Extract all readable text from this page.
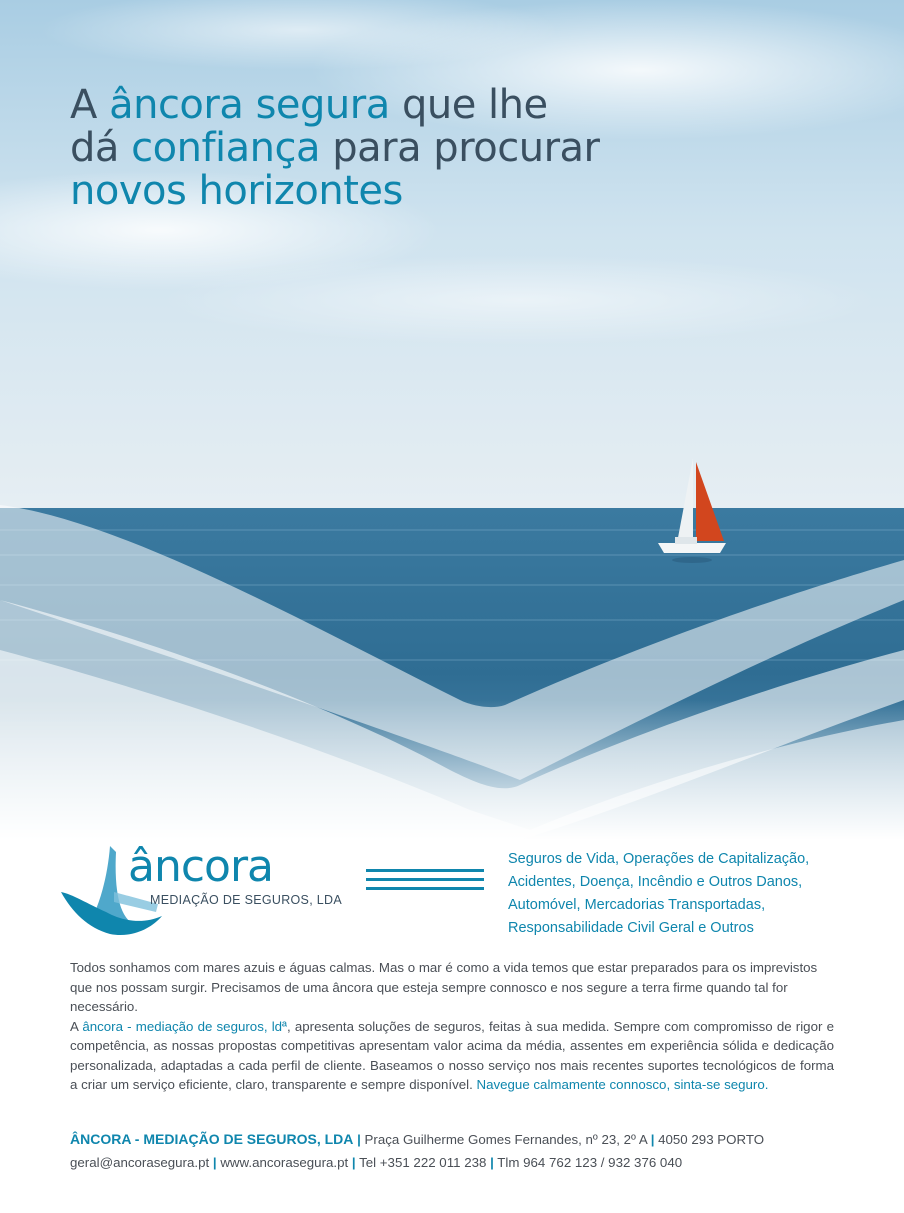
A âncora segura que lhe
dá confiança para procurar
novos horizontes
âncora
MEDIAÇÃO DE SEGUROS, LDA
Seguros de Vida, Operações de Capitalização,
Acidentes, Doença, Incêndio e Outros Danos,
Automóvel, Mercadorias Transportadas,
Responsabilidade Civil Geral e Outros

Todos sonhamos com mares azuis e águas calmas. Mas o mar é como a vida temos que estar preparados para os imprevistos que nos possam surgir. Precisamos de uma âncora que esteja sempre connosco e nos segure a terra firme quando tal for necessário.

A âncora - mediação de seguros, ldª, apresenta soluções de seguros, feitas à sua medida. Sempre com compromisso de rigor e competência, as nossas propostas competitivas apresentam valor acima da média, assentes em experiência sólida e dedicação personalizada, adaptadas a cada perfil de cliente. Baseamos o nosso serviço nos mais recentes suportes tecnológicos de forma a criar um serviço eficiente, claro, transparente e sempre disponível. Navegue calmamente connosco, sinta-se seguro.

ÂNCORA - MEDIAÇÃO DE SEGUROS, LDA | Praça Guilherme Gomes Fernandes, nº 23, 2º A | 4050 293 PORTO
geral@ancorasegura.pt | www.ancorasegura.pt | Tel +351 222 011 238 | Tlm 964 762 123 / 932 376 040
